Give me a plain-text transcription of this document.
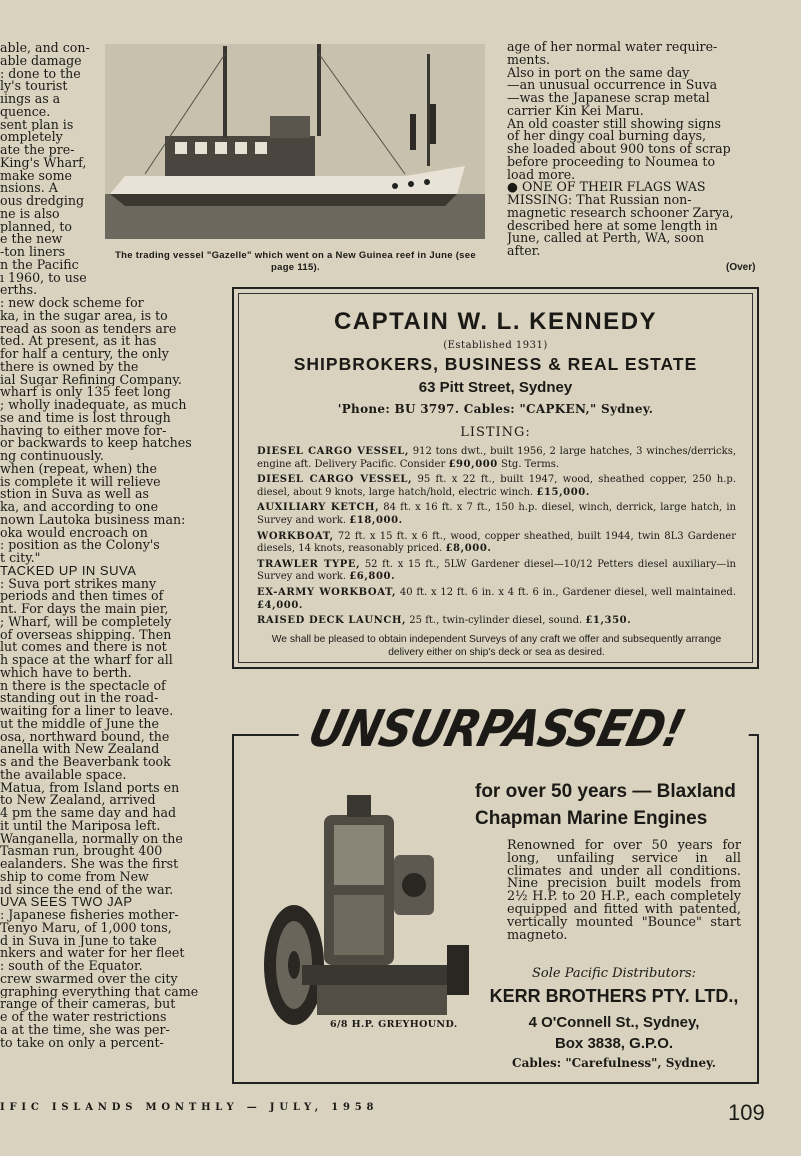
able, and con-

able damage

: done to the

ly's tourist

ıings as a

quence.

sent plan is

ompletely

ate the pre-

King's Wharf,

make some

nsions. A

ous dredging

ne is also

planned, to

e the new

-ton liners

n the Pacific

ı 1960, to use

erths.

: new dock scheme for

ka, in the sugar area, is to

read as soon as tenders are

ted. At present, as it has

for half a century, the only

there is owned by the

ial Sugar Refining Company.

wharf is only 135 feet long

; wholly inadequate, as much

se and time is lost through

having to either move for-

or backwards to keep hatches

ng continuously.

when (repeat, when) the

is complete it will relieve

stion in Suva as well as

ka, and according to one

nown Lautoka business man:

oka would encroach on

: position as the Colony's

t city."

TACKED UP IN SUVA

: Suva port strikes many

periods and then times of

nt. For days the main pier,

; Wharf, will be completely

of overseas shipping. Then

lut comes and there is not

h space at the wharf for all

which have to berth.

n there is the spectacle of

standing out in the road-

waiting for a liner to leave.

ut the middle of June the

osa, northward bound, the

anella with New Zealand

s and the Beaverbank took

the available space.

Matua, from Island ports en

to New Zealand, arrived

4 pm the same day and had

it until the Mariposa left.

Wanganella, normally on the

Tasman run, brought 400

ealanders. She was the first

ship to come from New

ıd since the end of the war.

UVA SEES TWO JAP

: Japanese fisheries mother-

Tenyo Maru, of 1,000 tons,

d in Suva in June to take

nkers and water for her fleet

: south of the Equator.

crew swarmed over the city

graphing everything that came

range of their cameras, but

e of the water restrictions

a at the time, she was per-

to take on only a percent-

The trading vessel "Gazelle" which went on a New Guinea reef in June (see page 115).

age of her normal water require-

ments.

Also in port on the same day

—an unusual occurrence in Suva

—was the Japanese scrap metal

carrier Kin Kei Maru.

An old coaster still showing signs

of her dingy coal burning days,

she loaded about 900 tons of scrap

before proceeding to Noumea to

load more.

● ONE OF THEIR FLAGS WAS

MISSING: That Russian non-

magnetic research schooner Zarya,

described here at some length in

June, called at Perth, WA, soon

after.

(Over)
CAPTAIN W. L. KENNEDY
(Established 1931)
SHIPBROKERS, BUSINESS & REAL ESTATE
63 Pitt Street, Sydney
'Phone: BU 3797. Cables: "CAPKEN," Sydney.
LISTING:
DIESEL CARGO VESSEL, 912 tons dwt., built 1956, 2 large hatches, 3 winches/derricks, engine aft. Delivery Pacific. Consider £90,000 Stg. Terms.
DIESEL CARGO VESSEL, 95 ft. x 22 ft., built 1947, wood, sheathed copper, 250 h.p. diesel, about 9 knots, large hatch/hold, electric winch. £15,000.
AUXILIARY KETCH, 84 ft. x 16 ft. x 7 ft., 150 h.p. diesel, winch, derrick, large hatch, in Survey and work. £18,000.
WORKBOAT, 72 ft. x 15 ft. x 6 ft., wood, copper sheathed, built 1944, twin 8L3 Gardener diesels, 14 knots, reasonably priced. £8,000.
TRAWLER TYPE, 52 ft. x 15 ft., 5LW Gardener diesel—10/12 Petters diesel auxiliary—in Survey and work. £6,800.
EX-ARMY WORKBOAT, 40 ft. x 12 ft. 6 in. x 4 ft. 6 in., Gardener diesel, well maintained. £4,000.
RAISED DECK LAUNCH, 25 ft., twin-cylinder diesel, sound. £1,350.
We shall be pleased to obtain independent Surveys of any craft we offer and subsequently arrange delivery either on ship's deck or sea as desired.
UNSURPASSED!
for over 50 years — Blaxland
Chapman Marine Engines
Renowned for over 50 years for long, unfailing service in all climates and under all conditions. Nine precision built models from 2½ H.P. to 20 H.P., each completely equipped and fitted with patented, vertically mounted "Bounce" start magneto.
Sole Pacific Distributors:
KERR BROTHERS PTY. LTD.,
4 O'Connell St., Sydney,
Box 3838, G.P.O.
Cables: "Carefulness", Sydney.
6/8 H.P. GREYHOUND.
IFIC ISLANDS MONTHLY — JULY, 1958	109
